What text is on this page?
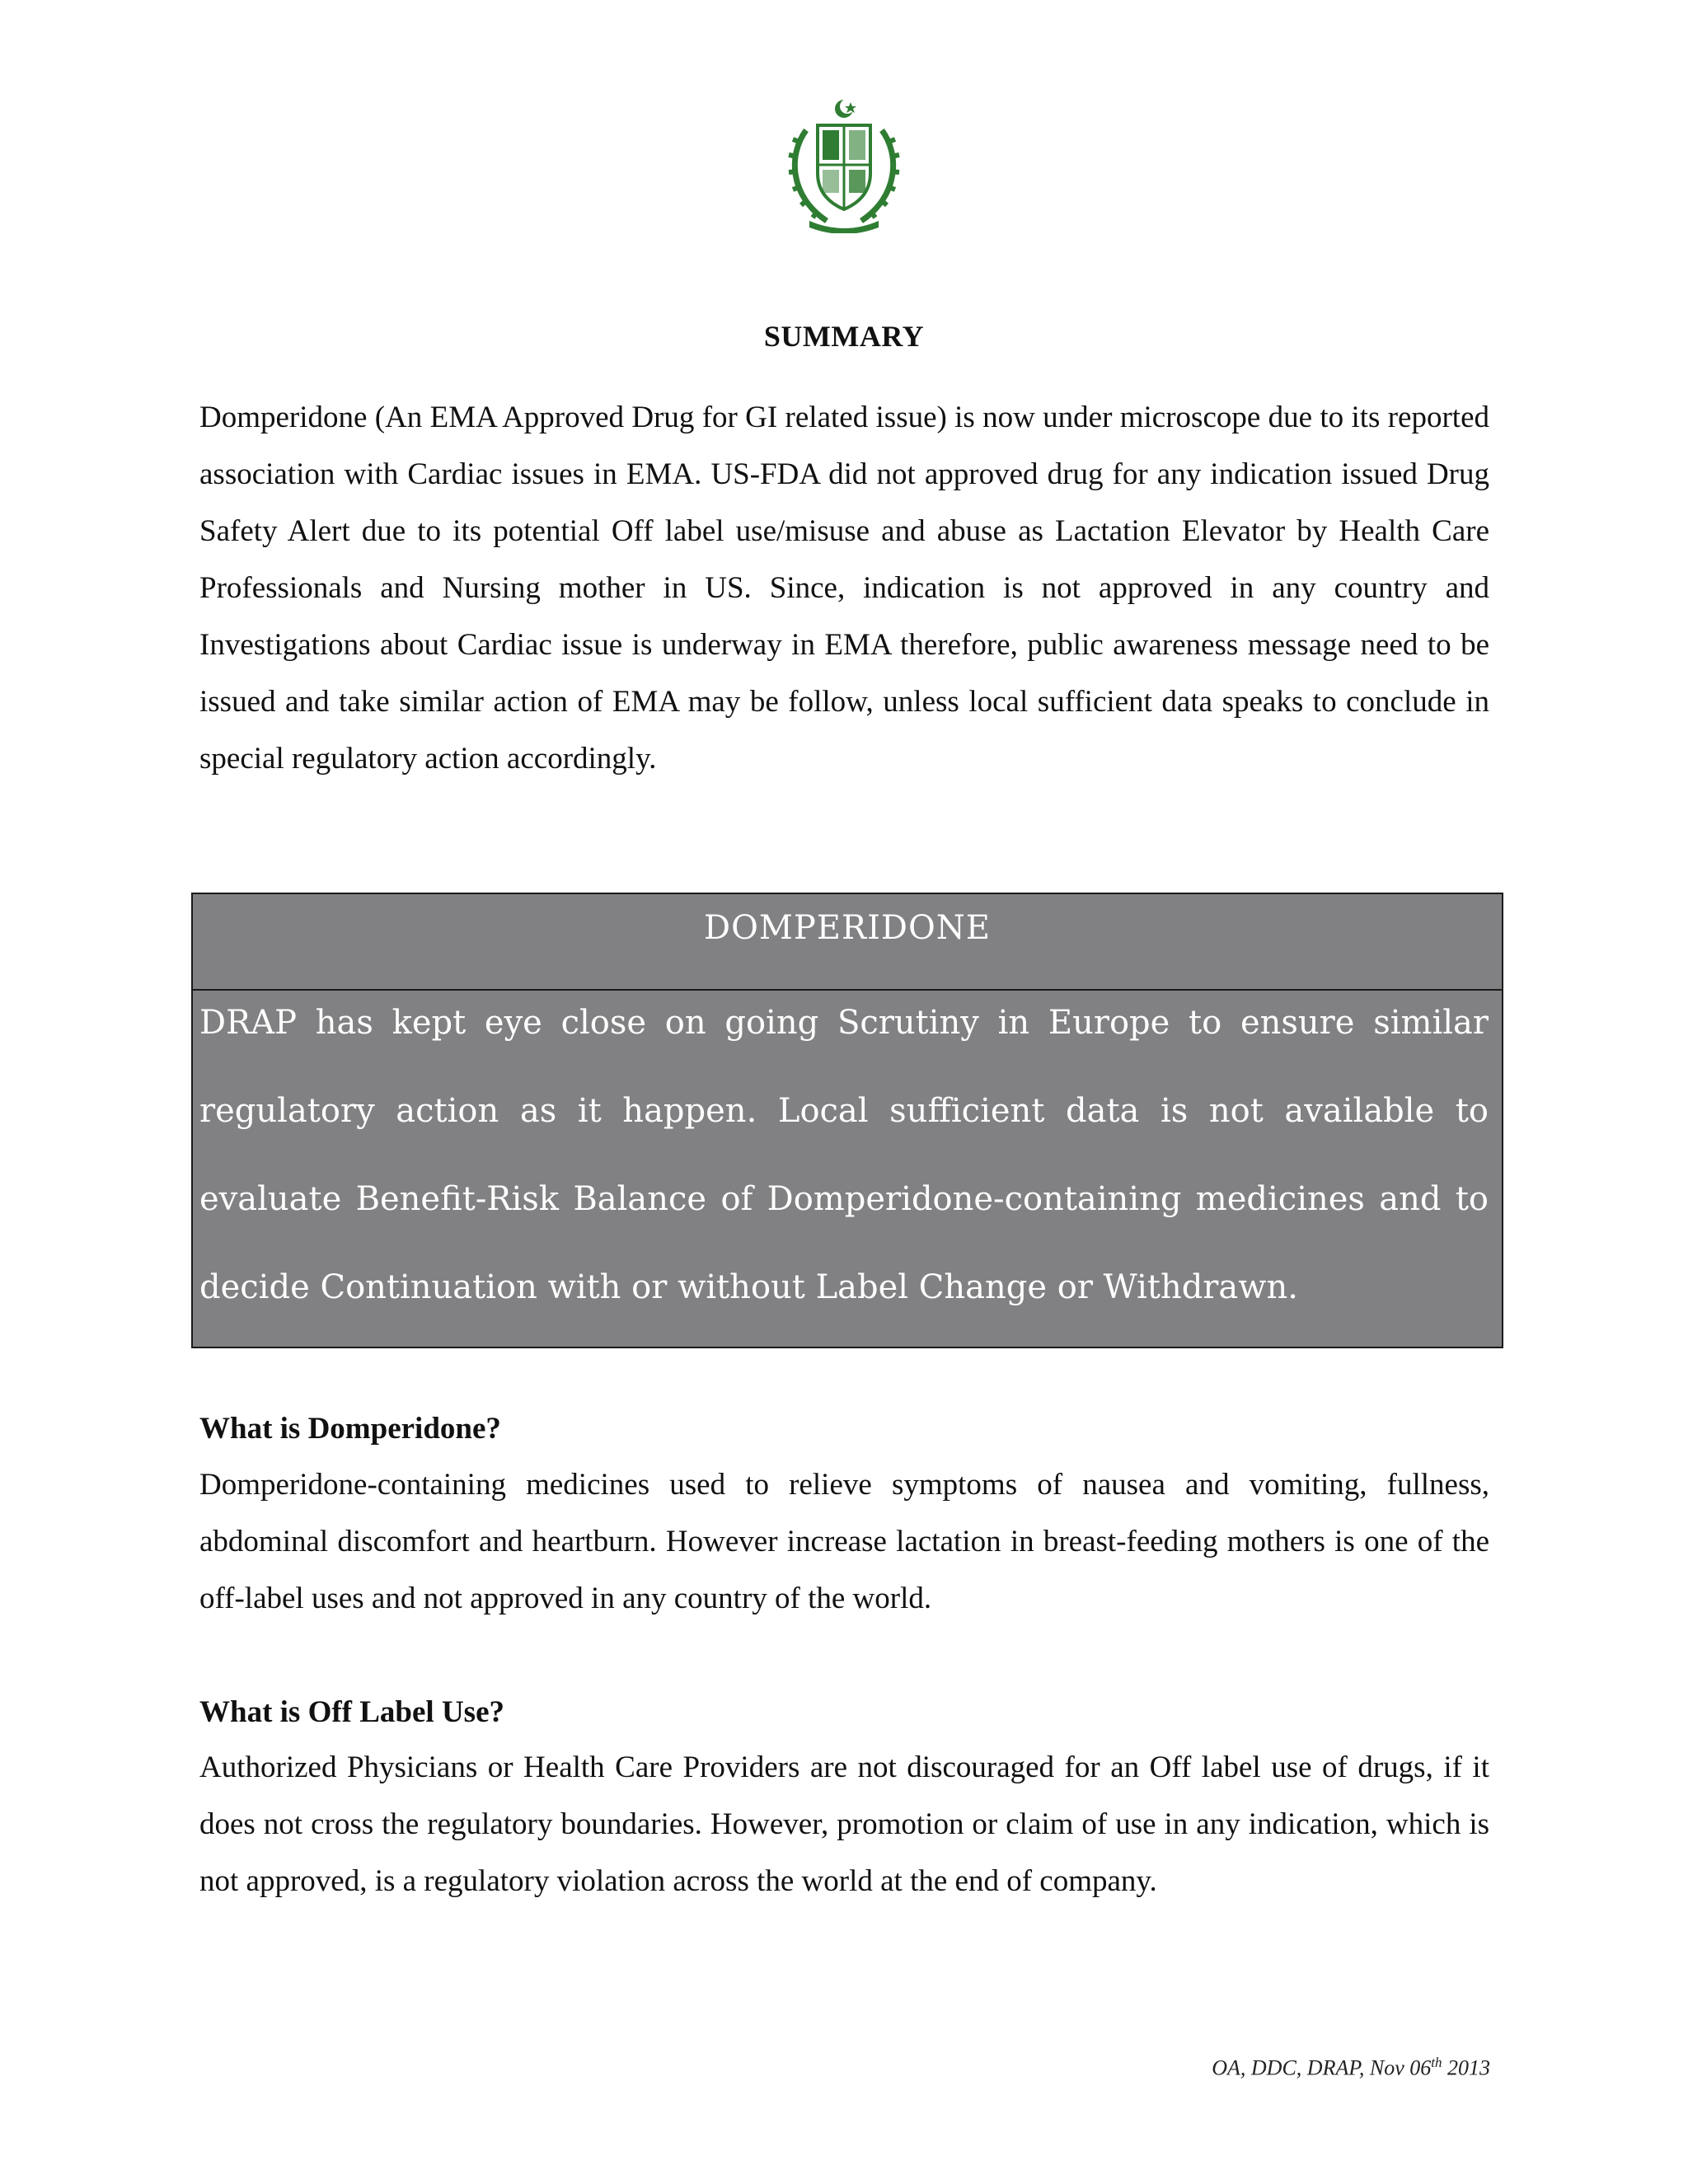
SUMMARY

Domperidone (An EMA Approved Drug for GI related issue) is now under microscope due to its reported association with Cardiac issues in EMA. US-FDA did not approved drug for any indication issued Drug Safety Alert due to its potential Off label use/misuse and abuse as Lactation Elevator by Health Care Professionals and Nursing mother in US. Since, indication is not approved in any country and Investigations about Cardiac issue is underway in EMA therefore, public awareness message need to be issued and take similar action of EMA may be follow, unless local sufficient data speaks to conclude in special regulatory action accordingly.

DOMPERIDONE

DRAP has kept eye close on going Scrutiny in Europe to ensure similar regulatory action as it happen. Local sufficient data is not available to evaluate Benefit-Risk Balance of Domperidone-containing medicines and to decide Continuation with or without Label Change or Withdrawn.

What is Domperidone?

Domperidone-containing medicines used to relieve symptoms of nausea and vomiting, fullness, abdominal discomfort and heartburn. However increase lactation in breast-feeding mothers is one of the off-label uses and not approved in any country of the world.

What is Off Label Use?

Authorized Physicians or Health Care Providers are not discouraged for an Off label use of drugs, if it does not cross the regulatory boundaries. However, promotion or claim of use in any indication, which is not approved, is a regulatory violation across the world at the end of company.

OA, DDC, DRAP, Nov 06th 2013
